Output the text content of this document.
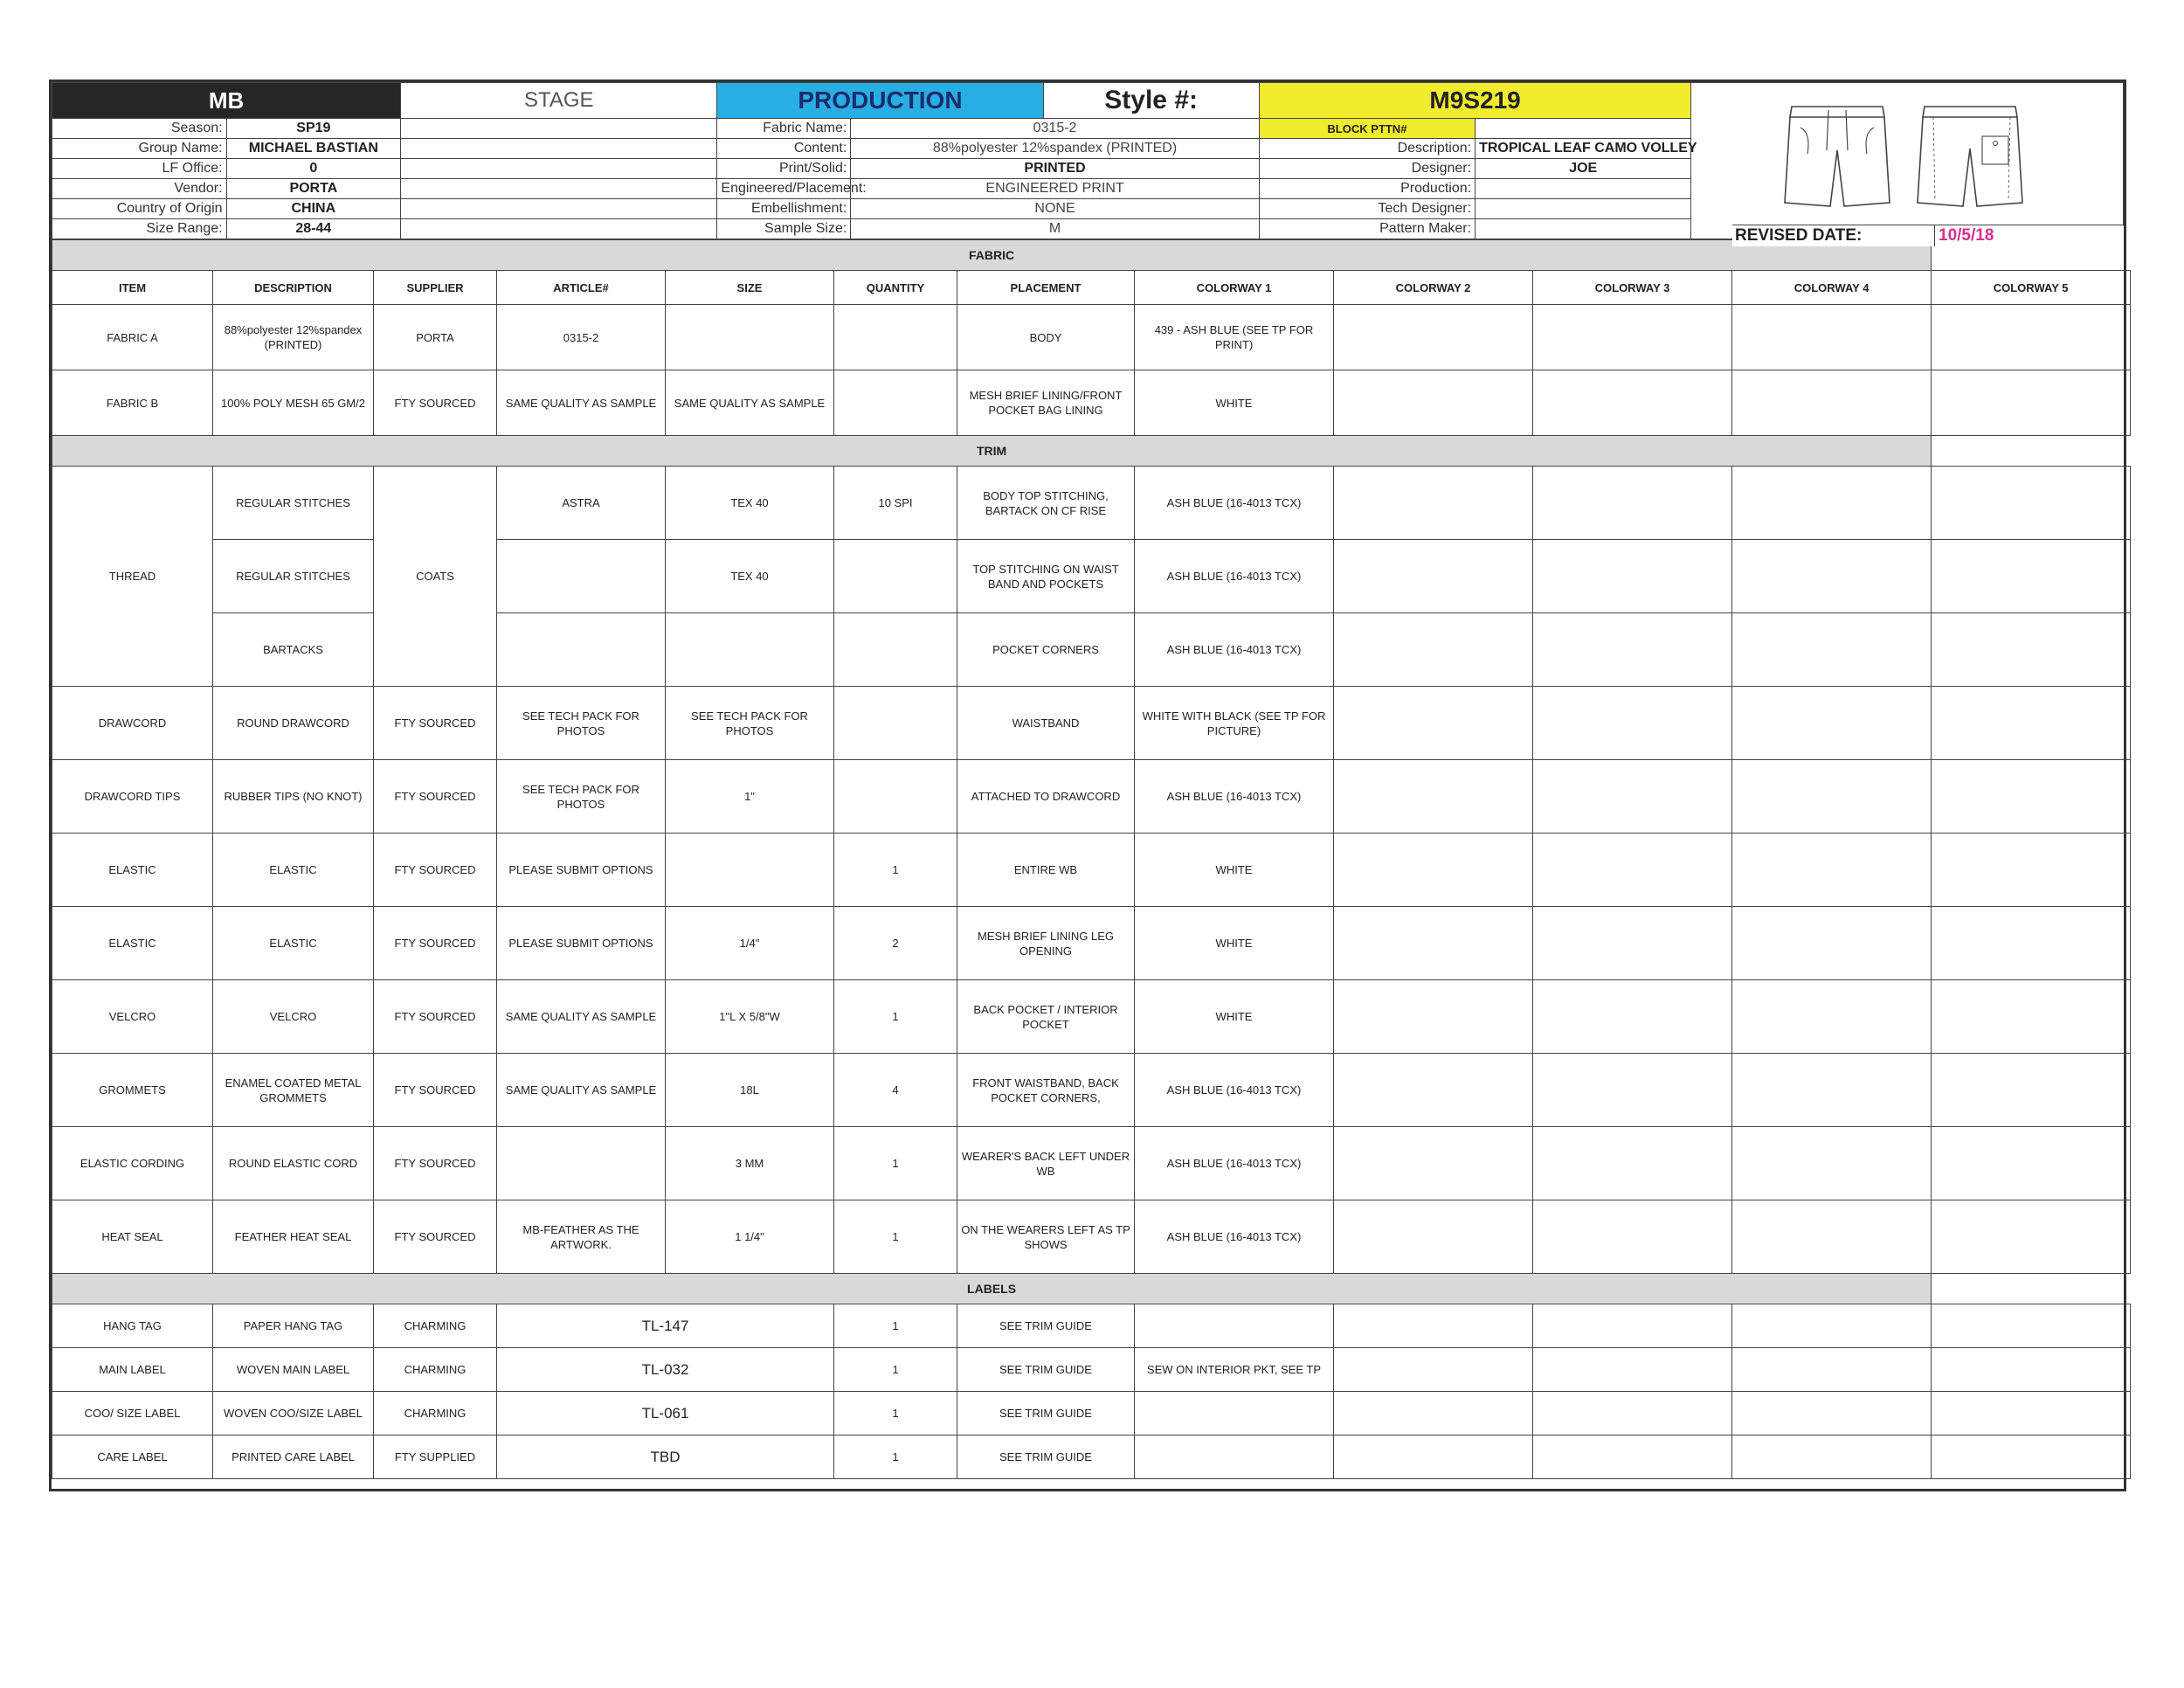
MB		STAGE	PRODUCTION		Style #:	M9S219	
Season:	SP19		Fabric Name:	0315-2		BLOCK PTTN#		
Group Name:	MICHAEL BASTIAN		Content:	88%polyester 12%spandex (PRINTED)		Description:	TROPICAL LEAF CAMO VOLLEY	
LF Office:	0		Print/Solid:	PRINTED		Designer:	JOE	
Vendor:	PORTA		Engineered/Placement:	ENGINEERED PRINT		Production:		
Country of Origin	CHINA		Embellishment:	NONE		Tech Designer:		
Size Range:	28-44		Sample Size:	M		Pattern Maker:			REVISED DATE:	10/5/18
FABRIC											
ITEM	DESCRIPTION	SUPPLIER	ARTICLE#	SIZE	QUANTITY	PLACEMENT	COLORWAY 1	COLORWAY 2	COLORWAY 3	COLORWAY 4	COLORWAY 5
FABRIC A	88%polyester 12%spandex (PRINTED)	PORTA	0315-2			BODY	439 - ASH BLUE (SEE TP FOR PRINT)				
FABRIC B	100% POLY MESH 65 GM/2	FTY SOURCED	SAME QUALITY AS SAMPLE	SAME QUALITY AS SAMPLE		MESH BRIEF LINING/FRONT POCKET BAG LINING	WHITE				
TRIM											
THREAD	REGULAR STITCHES	COATS	ASTRA	TEX 40	10 SPI	BODY TOP STITCHING, BARTACK ON CF RISE	ASH BLUE (16-4013 TCX)				
	REGULAR STITCHES			TEX 40		TOP STITCHING ON WAIST BAND AND POCKETS	ASH BLUE (16-4013 TCX)				
	BARTACKS					POCKET CORNERS	ASH BLUE (16-4013 TCX)				
DRAWCORD	ROUND DRAWCORD	FTY SOURCED	SEE TECH PACK FOR PHOTOS	SEE TECH PACK FOR PHOTOS		WAISTBAND	WHITE WITH BLACK (SEE TP FOR PICTURE)				
DRAWCORD TIPS	RUBBER TIPS (NO KNOT)	FTY SOURCED	SEE TECH PACK FOR PHOTOS	1"		ATTACHED TO DRAWCORD	ASH BLUE (16-4013 TCX)				
ELASTIC	ELASTIC	FTY SOURCED	PLEASE SUBMIT OPTIONS		1	ENTIRE WB	WHITE				
ELASTIC	ELASTIC	FTY SOURCED	PLEASE SUBMIT OPTIONS	1/4"	2	MESH BRIEF LINING LEG OPENING	WHITE				
VELCRO	VELCRO	FTY SOURCED	SAME QUALITY AS SAMPLE	1"L X 5/8"W	1	BACK POCKET / INTERIOR POCKET	WHITE				
GROMMETS	ENAMEL COATED METAL GROMMETS	FTY SOURCED	SAME QUALITY AS SAMPLE	18L	4	FRONT WAISTBAND, BACK POCKET CORNERS,	ASH BLUE (16-4013 TCX)				
ELASTIC CORDING	ROUND ELASTIC CORD	FTY SOURCED		3 MM	1	WEARER'S BACK LEFT UNDER WB	ASH BLUE (16-4013 TCX)				
HEAT SEAL	FEATHER HEAT SEAL	FTY SOURCED	MB-FEATHER AS THE ARTWORK.	1 1/4"	1	ON THE WEARERS LEFT AS TP SHOWS	ASH BLUE (16-4013 TCX)				
LABELS											
HANG TAG	PAPER HANG TAG	CHARMING	TL-147		1	SEE TRIM GUIDE					
MAIN LABEL	WOVEN MAIN LABEL	CHARMING	TL-032		1	SEE TRIM GUIDE	SEW ON INTERIOR PKT, SEE TP				
COO/ SIZE LABEL	WOVEN COO/SIZE LABEL	CHARMING	TL-061		1	SEE TRIM GUIDE					
CARE LABEL	PRINTED CARE LABEL	FTY SUPPLIED	TBD		1	SEE TRIM GUIDE					
